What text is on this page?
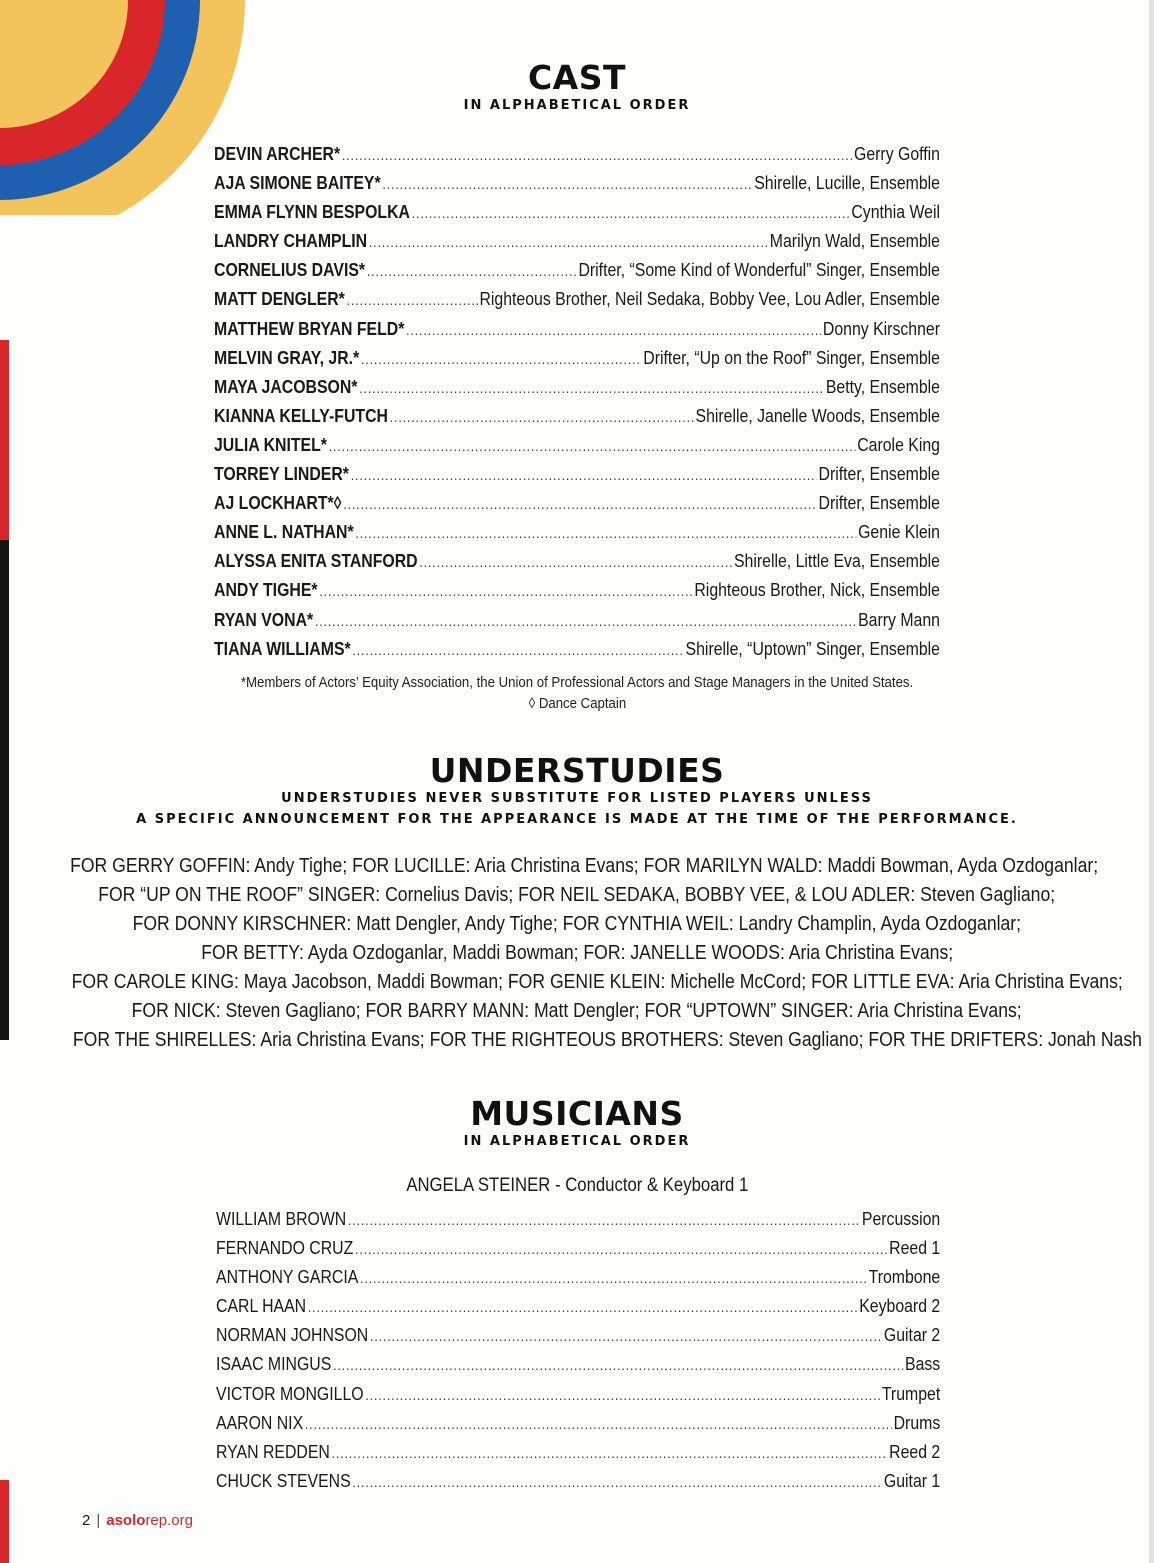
CAST
IN ALPHABETICAL ORDER
DEVIN ARCHER* .....	Gerry Goffin
AJA SIMONE BAITEY* .....	Shirelle, Lucille, Ensemble
EMMA FLYNN BESPOLKA .....	Cynthia Weil
LANDRY CHAMPLIN .....	Marilyn Wald, Ensemble
CORNELIUS DAVIS* .....	Drifter, “Some Kind of Wonderful” Singer, Ensemble
MATT DENGLER* .....	Righteous Brother, Neil Sedaka, Bobby Vee, Lou Adler, Ensemble
MATTHEW BRYAN FELD* .....	Donny Kirschner
MELVIN GRAY, JR.* .....	Drifter, “Up on the Roof” Singer, Ensemble
MAYA JACOBSON* .....	Betty, Ensemble
KIANNA KELLY-FUTCH .....	Shirelle, Janelle Woods, Ensemble
JULIA KNITEL* .....	Carole King
TORREY LINDER* .....	Drifter, Ensemble
AJ LOCKHART*◊ .....	Drifter, Ensemble
ANNE L. NATHAN* .....	Genie Klein
ALYSSA ENITA STANFORD .....	Shirelle, Little Eva, Ensemble
ANDY TIGHE* .....	Righteous Brother, Nick, Ensemble
RYAN VONA* .....	Barry Mann
TIANA WILLIAMS* .....	Shirelle, “Uptown” Singer, Ensemble
*Members of Actors’ Equity Association, the Union of Professional Actors and Stage Managers in the United States.
◊ Dance Captain
UNDERSTUDIES
UNDERSTUDIES NEVER SUBSTITUTE FOR LISTED PLAYERS UNLESS
A SPECIFIC ANNOUNCEMENT FOR THE APPEARANCE IS MADE AT THE TIME OF THE PERFORMANCE.
FOR GERRY GOFFIN: Andy Tighe; FOR LUCILLE: Aria Christina Evans; FOR MARILYN WALD: Maddi Bowman, Ayda Ozdoganlar;
FOR “UP ON THE ROOF” SINGER: Cornelius Davis; FOR NEIL SEDAKA, BOBBY VEE, & LOU ADLER: Steven Gagliano;
FOR DONNY KIRSCHNER: Matt Dengler, Andy Tighe; FOR CYNTHIA WEIL: Landry Champlin, Ayda Ozdoganlar;
FOR BETTY: Ayda Ozdoganlar, Maddi Bowman; FOR: JANELLE WOODS: Aria Christina Evans;
FOR CAROLE KING: Maya Jacobson, Maddi Bowman; FOR GENIE KLEIN: Michelle McCord; FOR LITTLE EVA: Aria Christina Evans;
FOR NICK: Steven Gagliano; FOR BARRY MANN: Matt Dengler; FOR “UPTOWN” SINGER: Aria Christina Evans;
FOR THE SHIRELLES: Aria Christina Evans; FOR THE RIGHTEOUS BROTHERS: Steven Gagliano; FOR THE DRIFTERS: Jonah Nash
MUSICIANS
IN ALPHABETICAL ORDER
ANGELA STEINER - Conductor & Keyboard 1
WILLIAM BROWN .....	Percussion
FERNANDO CRUZ .....	Reed 1
ANTHONY GARCIA .....	Trombone
CARL HAAN .....	Keyboard 2
NORMAN JOHNSON .....	Guitar 2
ISAAC MINGUS .....	Bass
VICTOR MONGILLO .....	Trumpet
AARON NIX .....	Drums
RYAN REDDEN .....	Reed 2
CHUCK STEVENS .....	Guitar 1
2 | asolorep.org
